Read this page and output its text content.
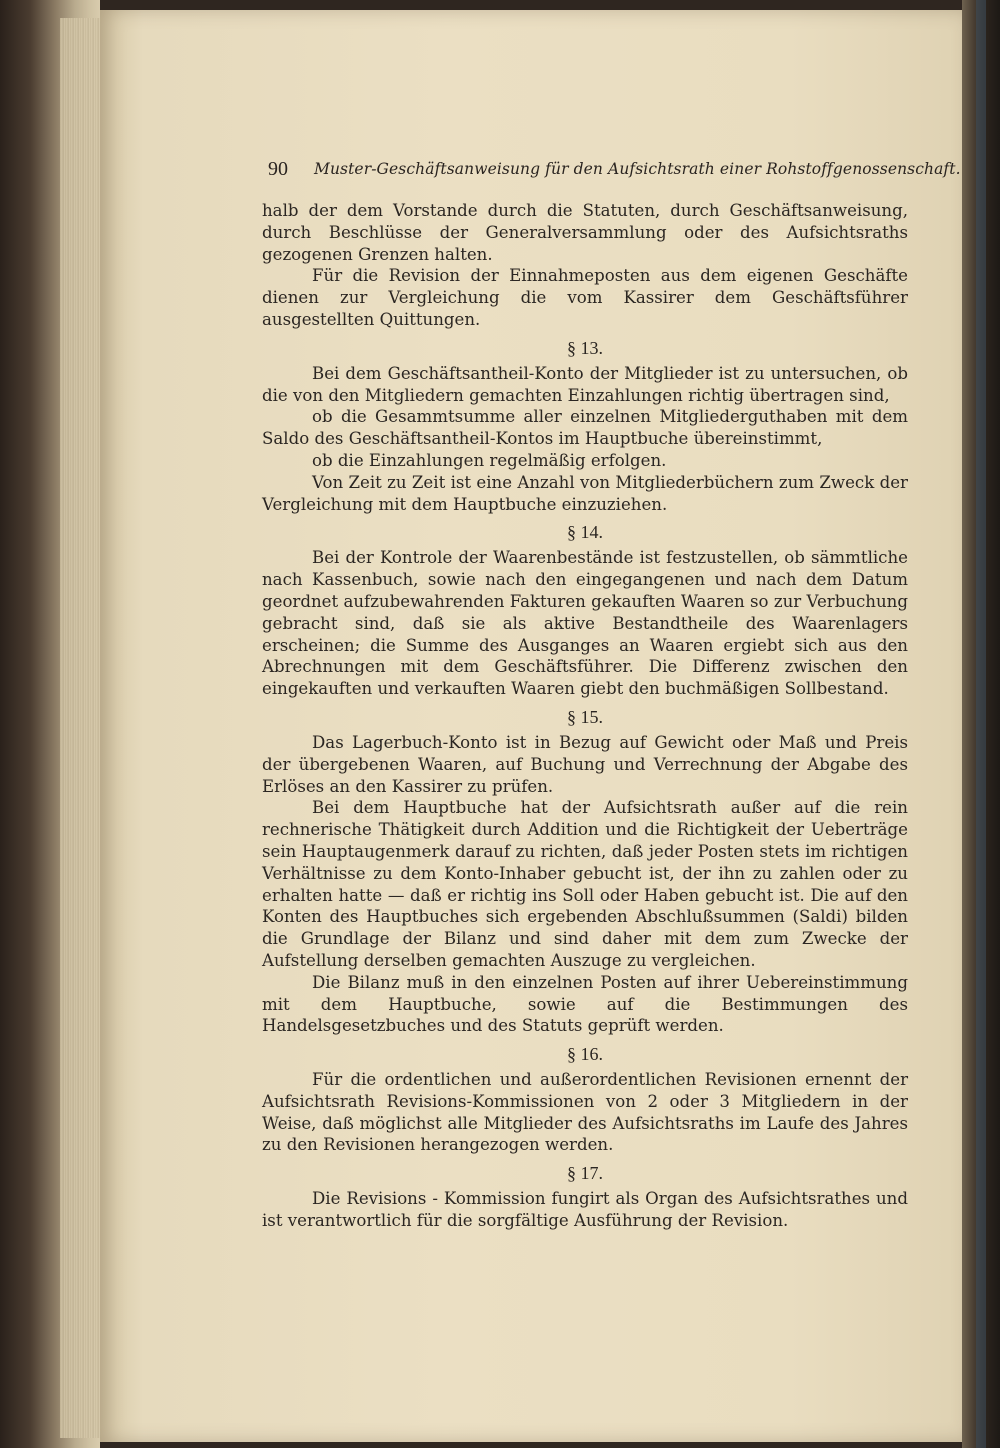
90 Muster-Geschäftsanweisung für den Aufsichtsrath einer Rohstoffgenossenschaft.

halb der dem Vorstande durch die Statuten, durch Geschäftsanweisung, durch Beschlüsse der Generalversammlung oder des Aufsichtsraths gezogenen Grenzen halten.

Für die Revision der Einnahmeposten aus dem eigenen Geschäfte dienen zur Vergleichung die vom Kassirer dem Geschäftsführer ausgestellten Quittungen.

§ 13.

Bei dem Geschäftsantheil-Konto der Mitglieder ist zu untersuchen, ob die von den Mitgliedern gemachten Einzahlungen richtig übertragen sind,

ob die Gesammtsumme aller einzelnen Mitgliederguthaben mit dem Saldo des Geschäftsantheil-Kontos im Hauptbuche übereinstimmt,

ob die Einzahlungen regelmäßig erfolgen.

Von Zeit zu Zeit ist eine Anzahl von Mitgliederbüchern zum Zweck der Vergleichung mit dem Hauptbuche einzuziehen.

§ 14.

Bei der Kontrole der Waarenbestände ist festzustellen, ob sämmtliche nach Kassenbuch, sowie nach den eingegangenen und nach dem Datum geordnet aufzubewahrenden Fakturen gekauften Waaren so zur Verbuchung gebracht sind, daß sie als aktive Bestandtheile des Waarenlagers erscheinen; die Summe des Ausganges an Waaren ergiebt sich aus den Abrechnungen mit dem Geschäftsführer. Die Differenz zwischen den eingekauften und verkauften Waaren giebt den buchmäßigen Sollbestand.

§ 15.

Das Lagerbuch-Konto ist in Bezug auf Gewicht oder Maß und Preis der übergebenen Waaren, auf Buchung und Verrechnung der Abgabe des Erlöses an den Kassirer zu prüfen.

Bei dem Hauptbuche hat der Aufsichtsrath außer auf die rein rechnerische Thätigkeit durch Addition und die Richtigkeit der Ueberträge sein Hauptaugenmerk darauf zu richten, daß jeder Posten stets im richtigen Verhältnisse zu dem Konto-Inhaber gebucht ist, der ihn zu zahlen oder zu erhalten hatte — daß er richtig ins Soll oder Haben gebucht ist. Die auf den Konten des Hauptbuches sich ergebenden Abschlußsummen (Saldi) bilden die Grundlage der Bilanz und sind daher mit dem zum Zwecke der Aufstellung derselben gemachten Auszuge zu vergleichen.

Die Bilanz muß in den einzelnen Posten auf ihrer Uebereinstimmung mit dem Hauptbuche, sowie auf die Bestimmungen des Handelsgesetzbuches und des Statuts geprüft werden.

§ 16.

Für die ordentlichen und außerordentlichen Revisionen ernennt der Aufsichtsrath Revisions-Kommissionen von 2 oder 3 Mitgliedern in der Weise, daß möglichst alle Mitglieder des Aufsichtsraths im Laufe des Jahres zu den Revisionen herangezogen werden.

§ 17.

Die Revisions - Kommission fungirt als Organ des Aufsichtsrathes und ist verantwortlich für die sorgfältige Ausführung der Revision.
